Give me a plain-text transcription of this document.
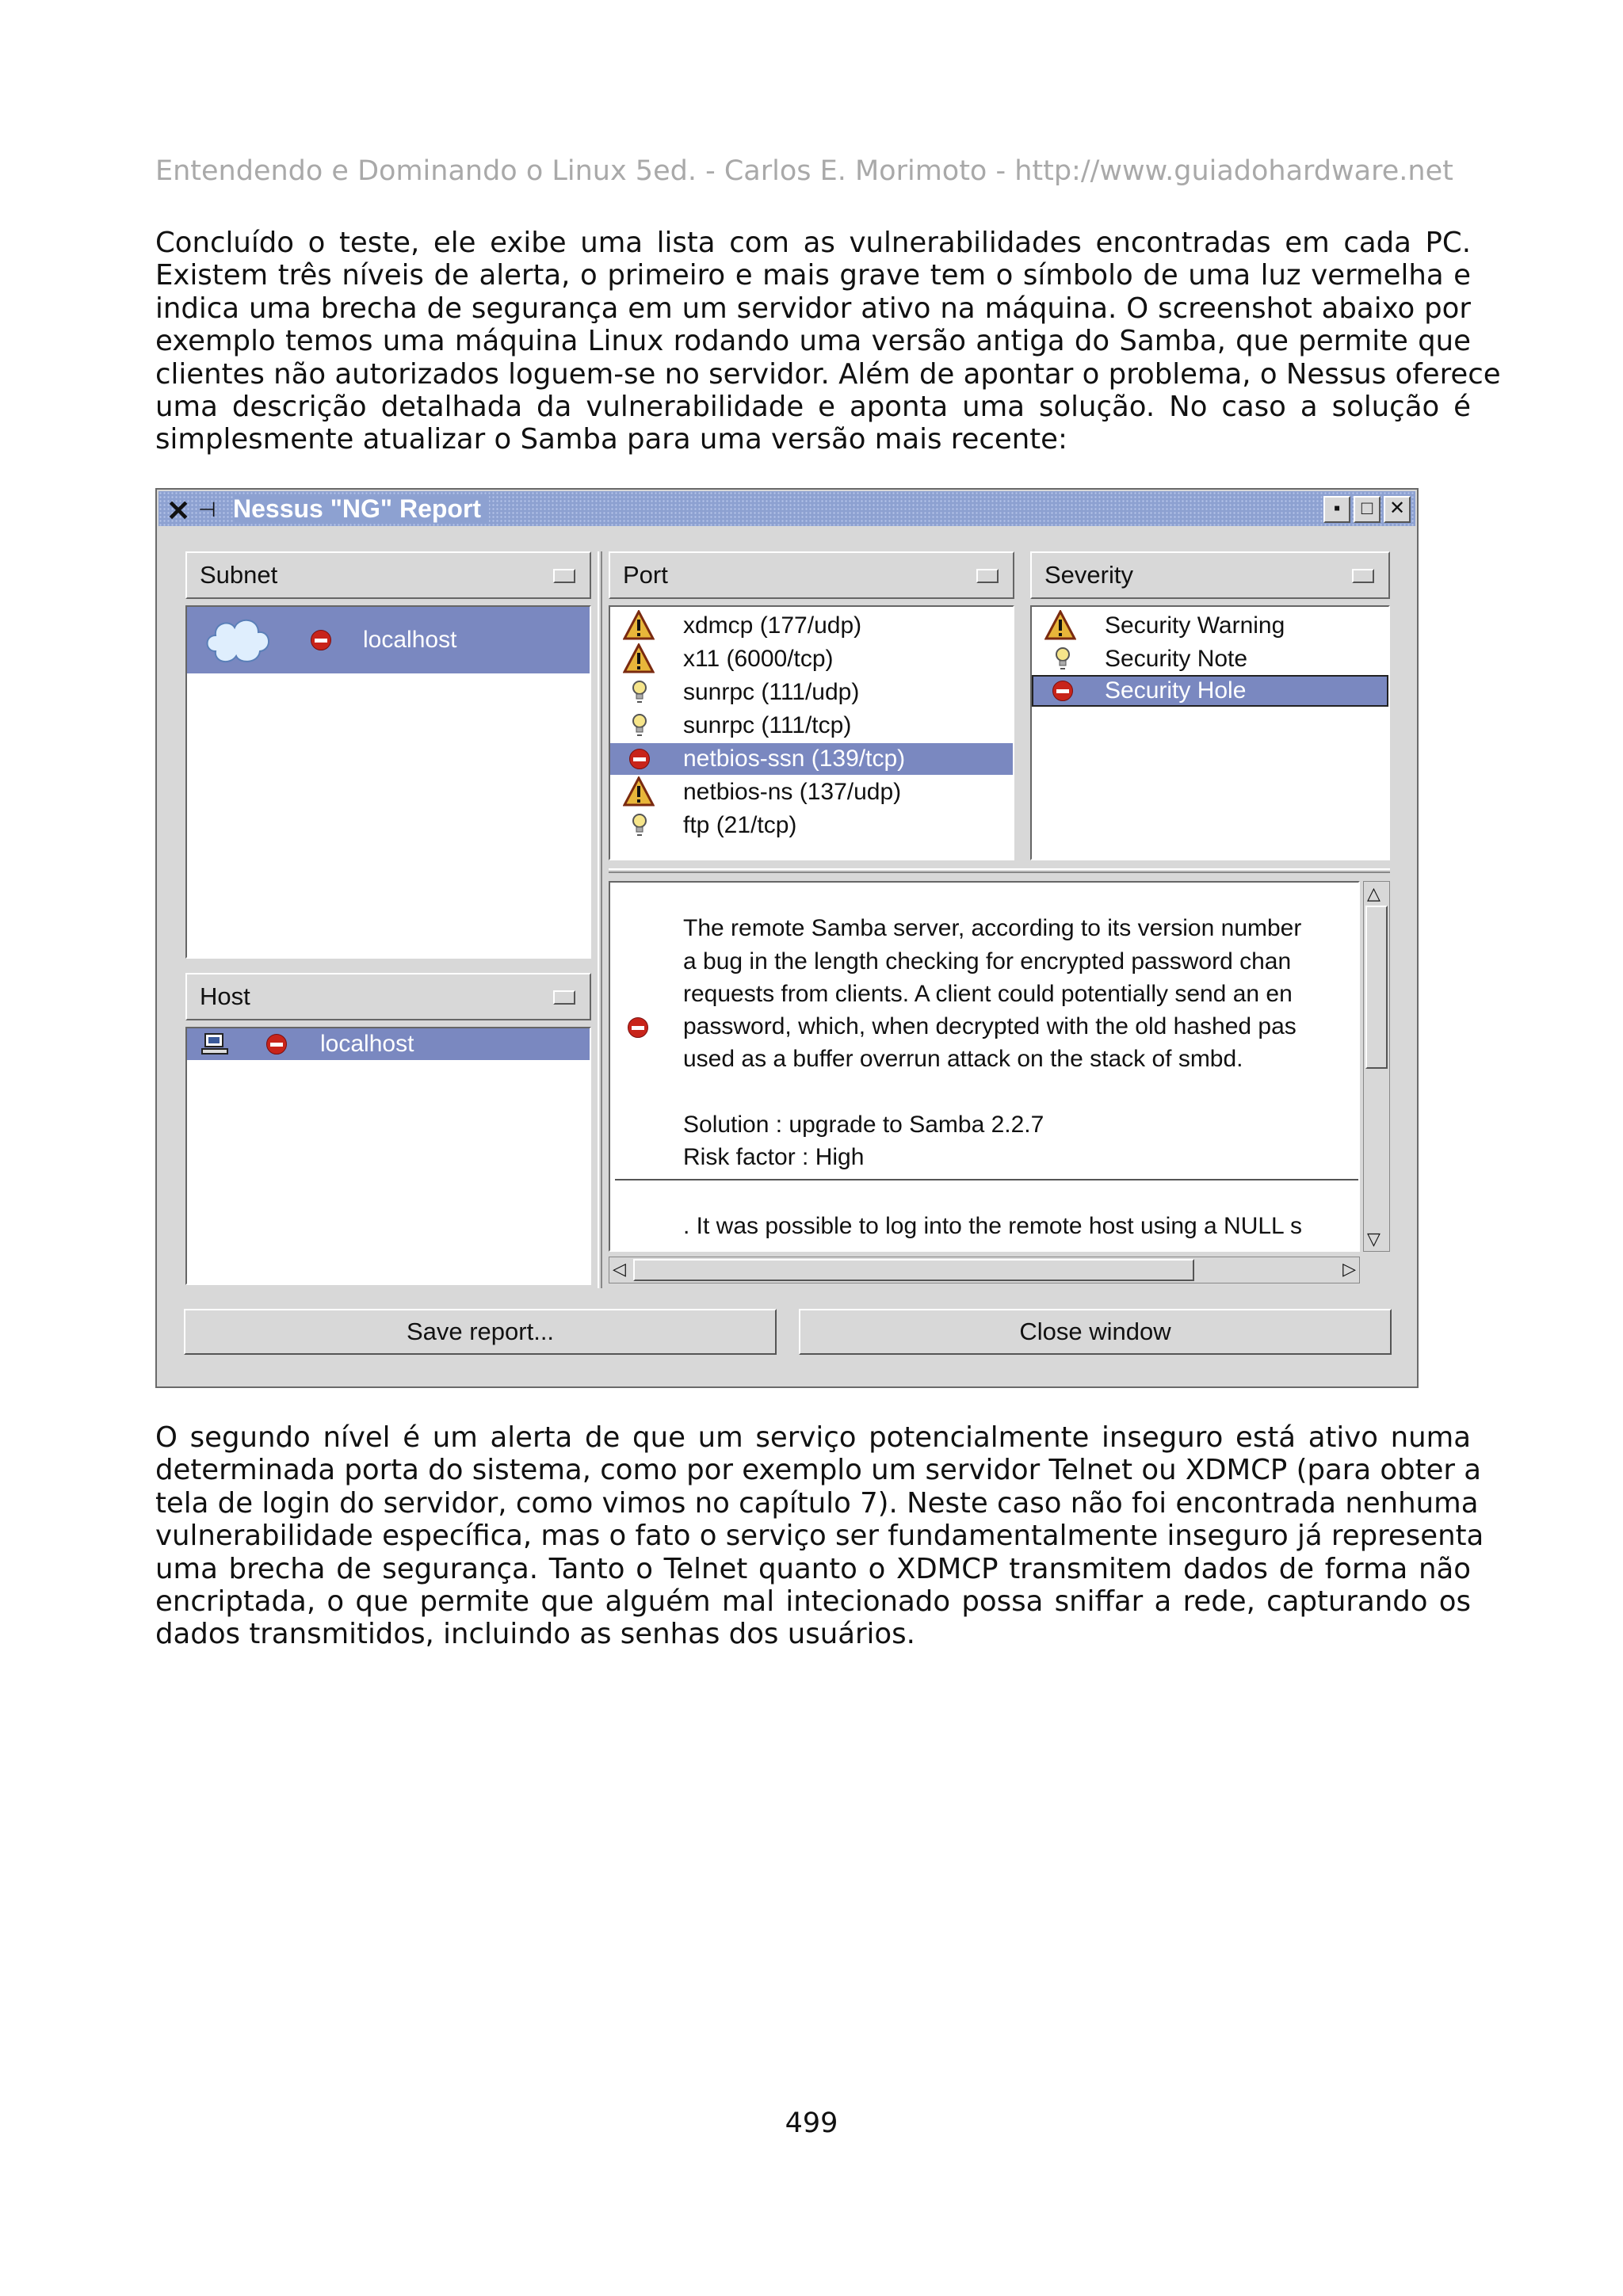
Entendendo e Dominando o Linux 5ed. - Carlos E. Morimoto - http://www.guiadohardware.net
Concluído o teste, ele exibe uma lista com as vulnerabilidades encontradas em cada PC.
Existem três níveis de alerta, o primeiro e mais grave tem o símbolo de uma luz vermelha e
indica uma brecha de segurança em um servidor ativo na máquina. O screenshot abaixo por
exemplo temos uma máquina Linux rodando uma versão antiga do Samba, que permite que
clientes não autorizados loguem-se no servidor. Além de apontar o problema, o Nessus oferece
uma descrição detalhada da vulnerabilidade e aponta uma solução. No caso a solução é
simplesmente atualizar o Samba para uma versão mais recente:
✕ ⊣ Nessus "NG" Report	▪	□ ✕
Subnet
localhost
Host
localhost
Port
xdmcp (177/udp)
x11 (6000/tcp)
sunrpc (111/udp)
sunrpc (111/tcp)
netbios-ssn (139/tcp)
netbios-ns (137/udp)
ftp (21/tcp)
Severity
Security Warning
Security Note
Security Hole
The remote Samba server, according to its version number
a bug in the length checking for encrypted password chan
requests from clients. A client could potentially send an en
password, which, when decrypted with the old hashed pas
used as a buffer overrun attack on the stack of smbd.
Solution : upgrade to Samba 2.2.7
Risk factor : High
. It was possible to log into the remote host using a NULL s
△
▽
◁	▷
Save report...	Close window
O segundo nível é um alerta de que um serviço potencialmente inseguro está ativo numa
determinada porta do sistema, como por exemplo um servidor Telnet ou XDMCP (para obter a
tela de login do servidor, como vimos no capítulo 7). Neste caso não foi encontrada nenhuma
vulnerabilidade específica, mas o fato o serviço ser fundamentalmente inseguro já representa
uma brecha de segurança. Tanto o Telnet quanto o XDMCP transmitem dados de forma não
encriptada, o que permite que alguém mal intecionado possa sniffar a rede, capturando os
dados transmitidos, incluindo as senhas dos usuários.
499
